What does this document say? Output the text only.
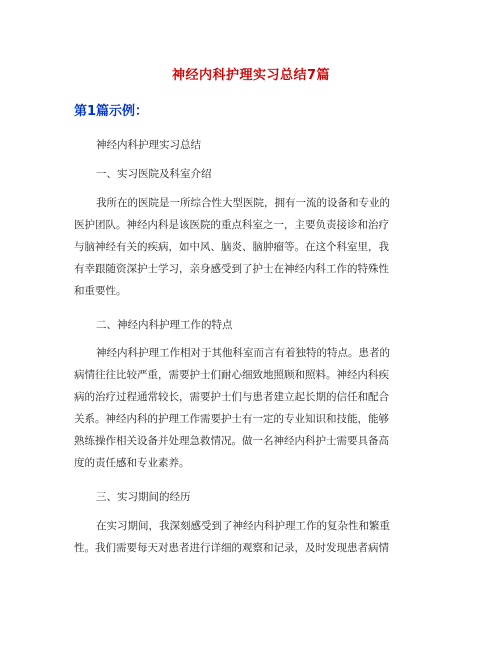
神经内科护理实习总结7篇
第1篇示例：
神经内科护理实习总结
一、实习医院及科室介绍
我所在的医院是一所综合性大型医院，拥有一流的设备和专业的
医护团队。神经内科是该医院的重点科室之一，主要负责接诊和治疗
与脑神经有关的疾病，如中风、脑炎、脑肿瘤等。在这个科室里，我
有幸跟随资深护士学习，亲身感受到了护士在神经内科工作的特殊性
和重要性。
二、神经内科护理工作的特点
神经内科护理工作相对于其他科室而言有着独特的特点。患者的
病情往往比较严重，需要护士们耐心细致地照顾和照料。神经内科疾
病的治疗过程通常较长，需要护士们与患者建立起长期的信任和配合
关系。神经内科的护理工作需要护士有一定的专业知识和技能，能够
熟练操作相关设备并处理急救情况。做一名神经内科护士需要具备高
度的责任感和专业素养。
三、实习期间的经历
在实习期间，我深刻感受到了神经内科护理工作的复杂性和繁重
性。我们需要每天对患者进行详细的观察和记录，及时发现患者病情
